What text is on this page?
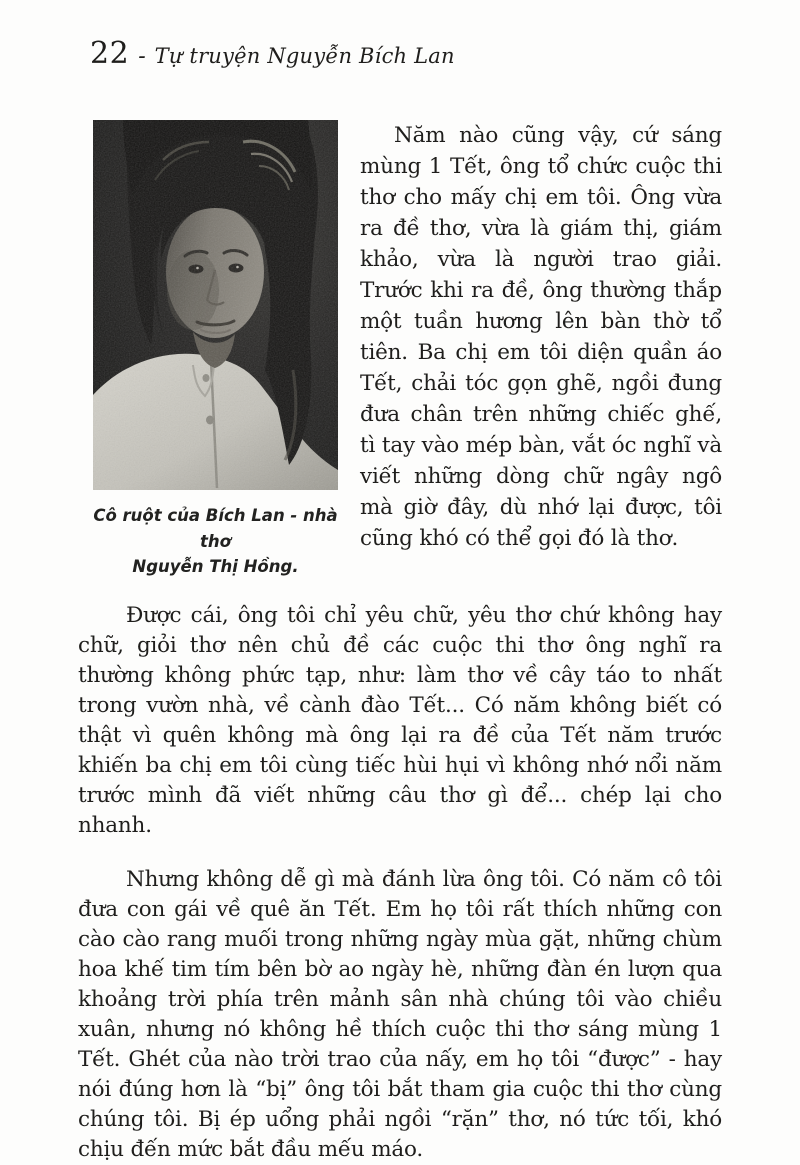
22 - Tự truyện Nguyễn Bích Lan
Cô ruột của Bích Lan - nhà thơ
Nguyễn Thị Hồng.

Năm nào cũng vậy, cứ sáng mùng 1 Tết, ông tổ chức cuộc thi thơ cho mấy chị em tôi. Ông vừa ra đề thơ, vừa là giám thị, giám khảo, vừa là người trao giải. Trước khi ra đề, ông thường thắp một tuần hương lên bàn thờ tổ tiên. Ba chị em tôi diện quần áo Tết, chải tóc gọn ghẽ, ngồi đung đưa chân trên những chiếc ghế, tì tay vào mép bàn, vắt óc nghĩ và viết những dòng chữ ngây ngô mà giờ đây, dù nhớ lại được, tôi cũng khó có thể gọi đó là thơ.

Được cái, ông tôi chỉ yêu chữ, yêu thơ chứ không hay chữ, giỏi thơ nên chủ đề các cuộc thi thơ ông nghĩ ra thường không phức tạp, như: làm thơ về cây táo to nhất trong vườn nhà, về cành đào Tết... Có năm không biết có thật vì quên không mà ông lại ra đề của Tết năm trước khiến ba chị em tôi cùng tiếc hùi hụi vì không nhớ nổi năm trước mình đã viết những câu thơ gì để... chép lại cho nhanh.

Nhưng không dễ gì mà đánh lừa ông tôi. Có năm cô tôi đưa con gái về quê ăn Tết. Em họ tôi rất thích những con cào cào rang muối trong những ngày mùa gặt, những chùm hoa khế tim tím bên bờ ao ngày hè, những đàn én lượn qua khoảng trời phía trên mảnh sân nhà chúng tôi vào chiều xuân, nhưng nó không hề thích cuộc thi thơ sáng mùng 1 Tết. Ghét của nào trời trao của nấy, em họ tôi “được” - hay nói đúng hơn là “bị” ông tôi bắt tham gia cuộc thi thơ cùng chúng tôi. Bị ép uổng phải ngồi “rặn” thơ, nó tức tối, khó chịu đến mức bắt đầu mếu máo.
